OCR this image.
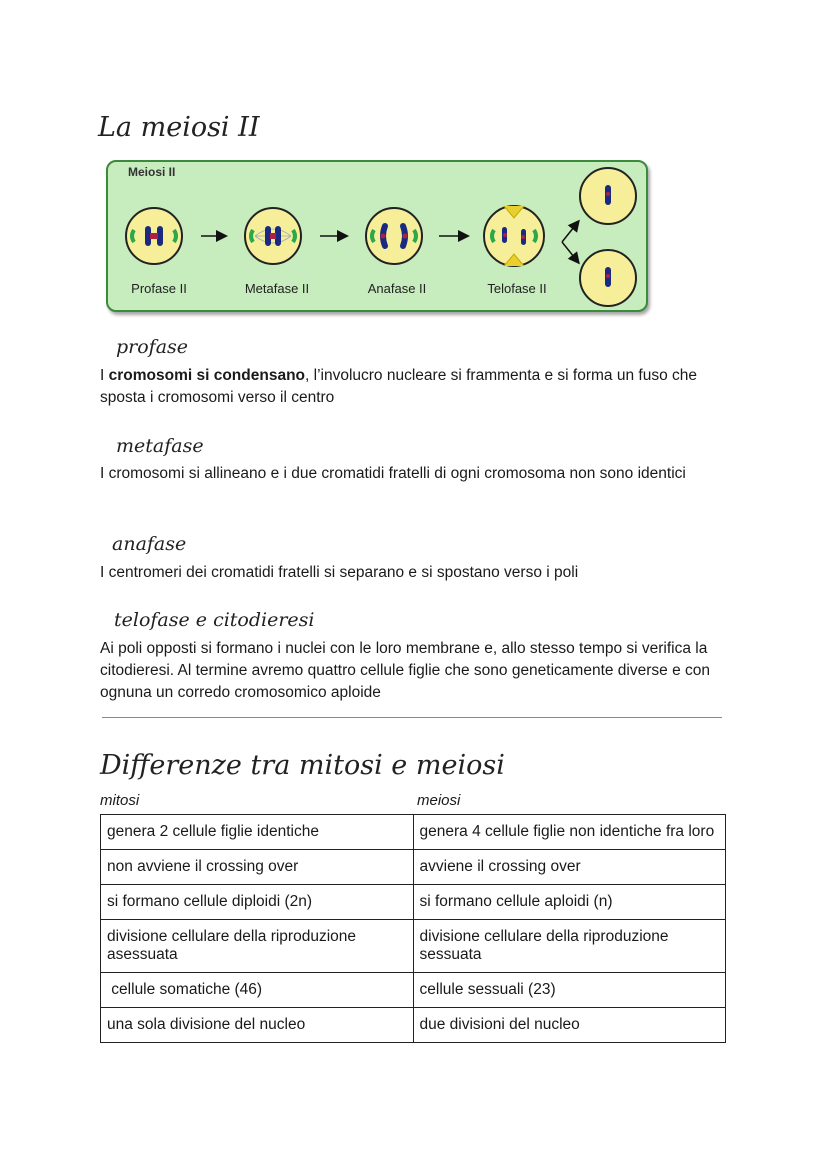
La meiosi II
Meiosi II
Profase II	Metafase II	Anafase II	Telofase II
profase
I cromosomi si condensano, l’involucro nucleare si frammenta e si forma un fuso che sposta i cromosomi verso il centro
metafase
I cromosomi si allineano e i due cromatidi fratelli di ogni cromosoma non sono identici
anafase
I centromeri dei cromatidi fratelli si separano e si spostano verso i poli
telofase e citodieresi
Ai poli opposti si formano i nuclei con le loro membrane e, allo stesso tempo si verifica la citodieresi. Al termine avremo quattro cellule figlie che sono geneticamente diverse e con ognuna un corredo cromosomico aploide
Differenze tra mitosi e meiosi
mitosi	meiosi
genera 2 cellule figlie identiche	genera 4 cellule figlie non identiche fra loro
non avviene il crossing over	avviene il crossing over
si formano cellule diploidi (2n)	si formano cellule aploidi (n)
divisione cellulare della riproduzione asessuata	divisione cellulare della riproduzione sessuata
cellule somatiche (46)	cellule sessuali (23)
una sola divisione del nucleo	due divisioni del nucleo
